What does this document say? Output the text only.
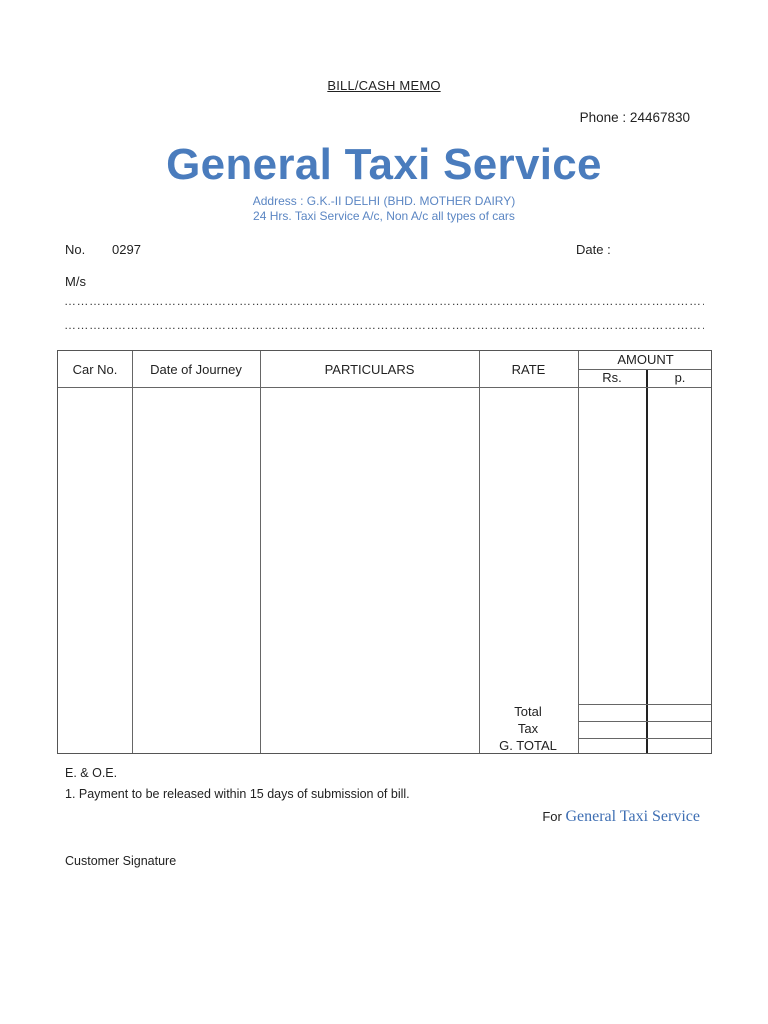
BILL/CASH MEMO
Phone : 24467830
General Taxi Service
Address : G.K.-II DELHI (BHD. MOTHER DAIRY)
24 Hrs. Taxi Service A/c, Non A/c all types of cars
No. 0297	Date :
M/s
……………………………………………………………………………………………………………………………………………………
……………………………………………………………………………………………………………………………………………………
Car No.	Date of Journey	PARTICULARS	RATE
AMOUNT
Rs.	p.
Total
Tax
G. TOTAL
E. & O.E.
1. Payment to be released within 15 days of submission of bill.
For General Taxi Service
Customer Signature
